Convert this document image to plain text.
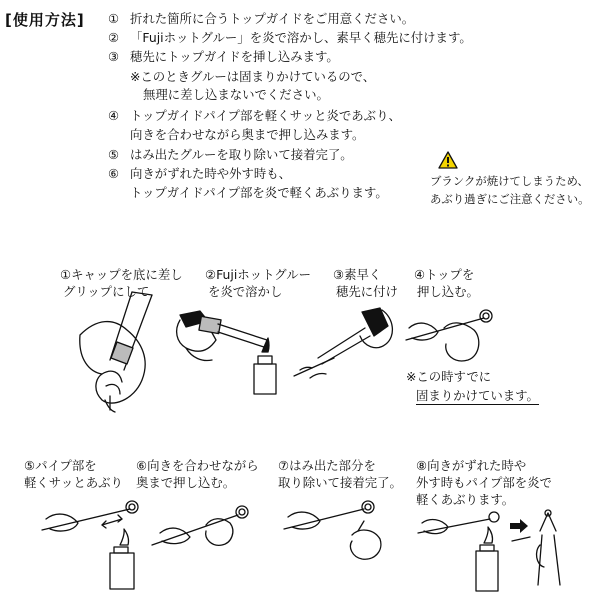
[使用方法] ① 折れた箇所に合うトップガイドをご用意ください。
② 「Fujiホットグルー」を炎で溶かし、素早く穂先に付けます。
③ 穂先にトップガイドを挿し込みます。
※このときグルーは固まりかけているので、
無理に差し込まないでください。
④ トップガイドパイプ部を軽くサッと炎であぶり、
向きを合わせながら奥まで押し込みます。
⑤ はみ出たグルーを取り除いて接着完了。
⑥ 向きがずれた時や外す時も、
トップガイドパイプ部を炎で軽くあぶります。
ブランクが焼けてしまうため、
あぶり過ぎにご注意ください。
①キャップを底に差し
グリップにして
②Fujiホットグルー
を炎で溶かし
③素早く
穂先に付け
④トップを
押し込む。
※この時すでに
固まりかけています。
⑤パイプ部を
軽くサッとあぶり
⑥向きを合わせながら
奥まで押し込む。
⑦はみ出た部分を
取り除いて接着完了。
⑧向きがずれた時や
外す時もパイプ部を炎で
軽くあぶります。
